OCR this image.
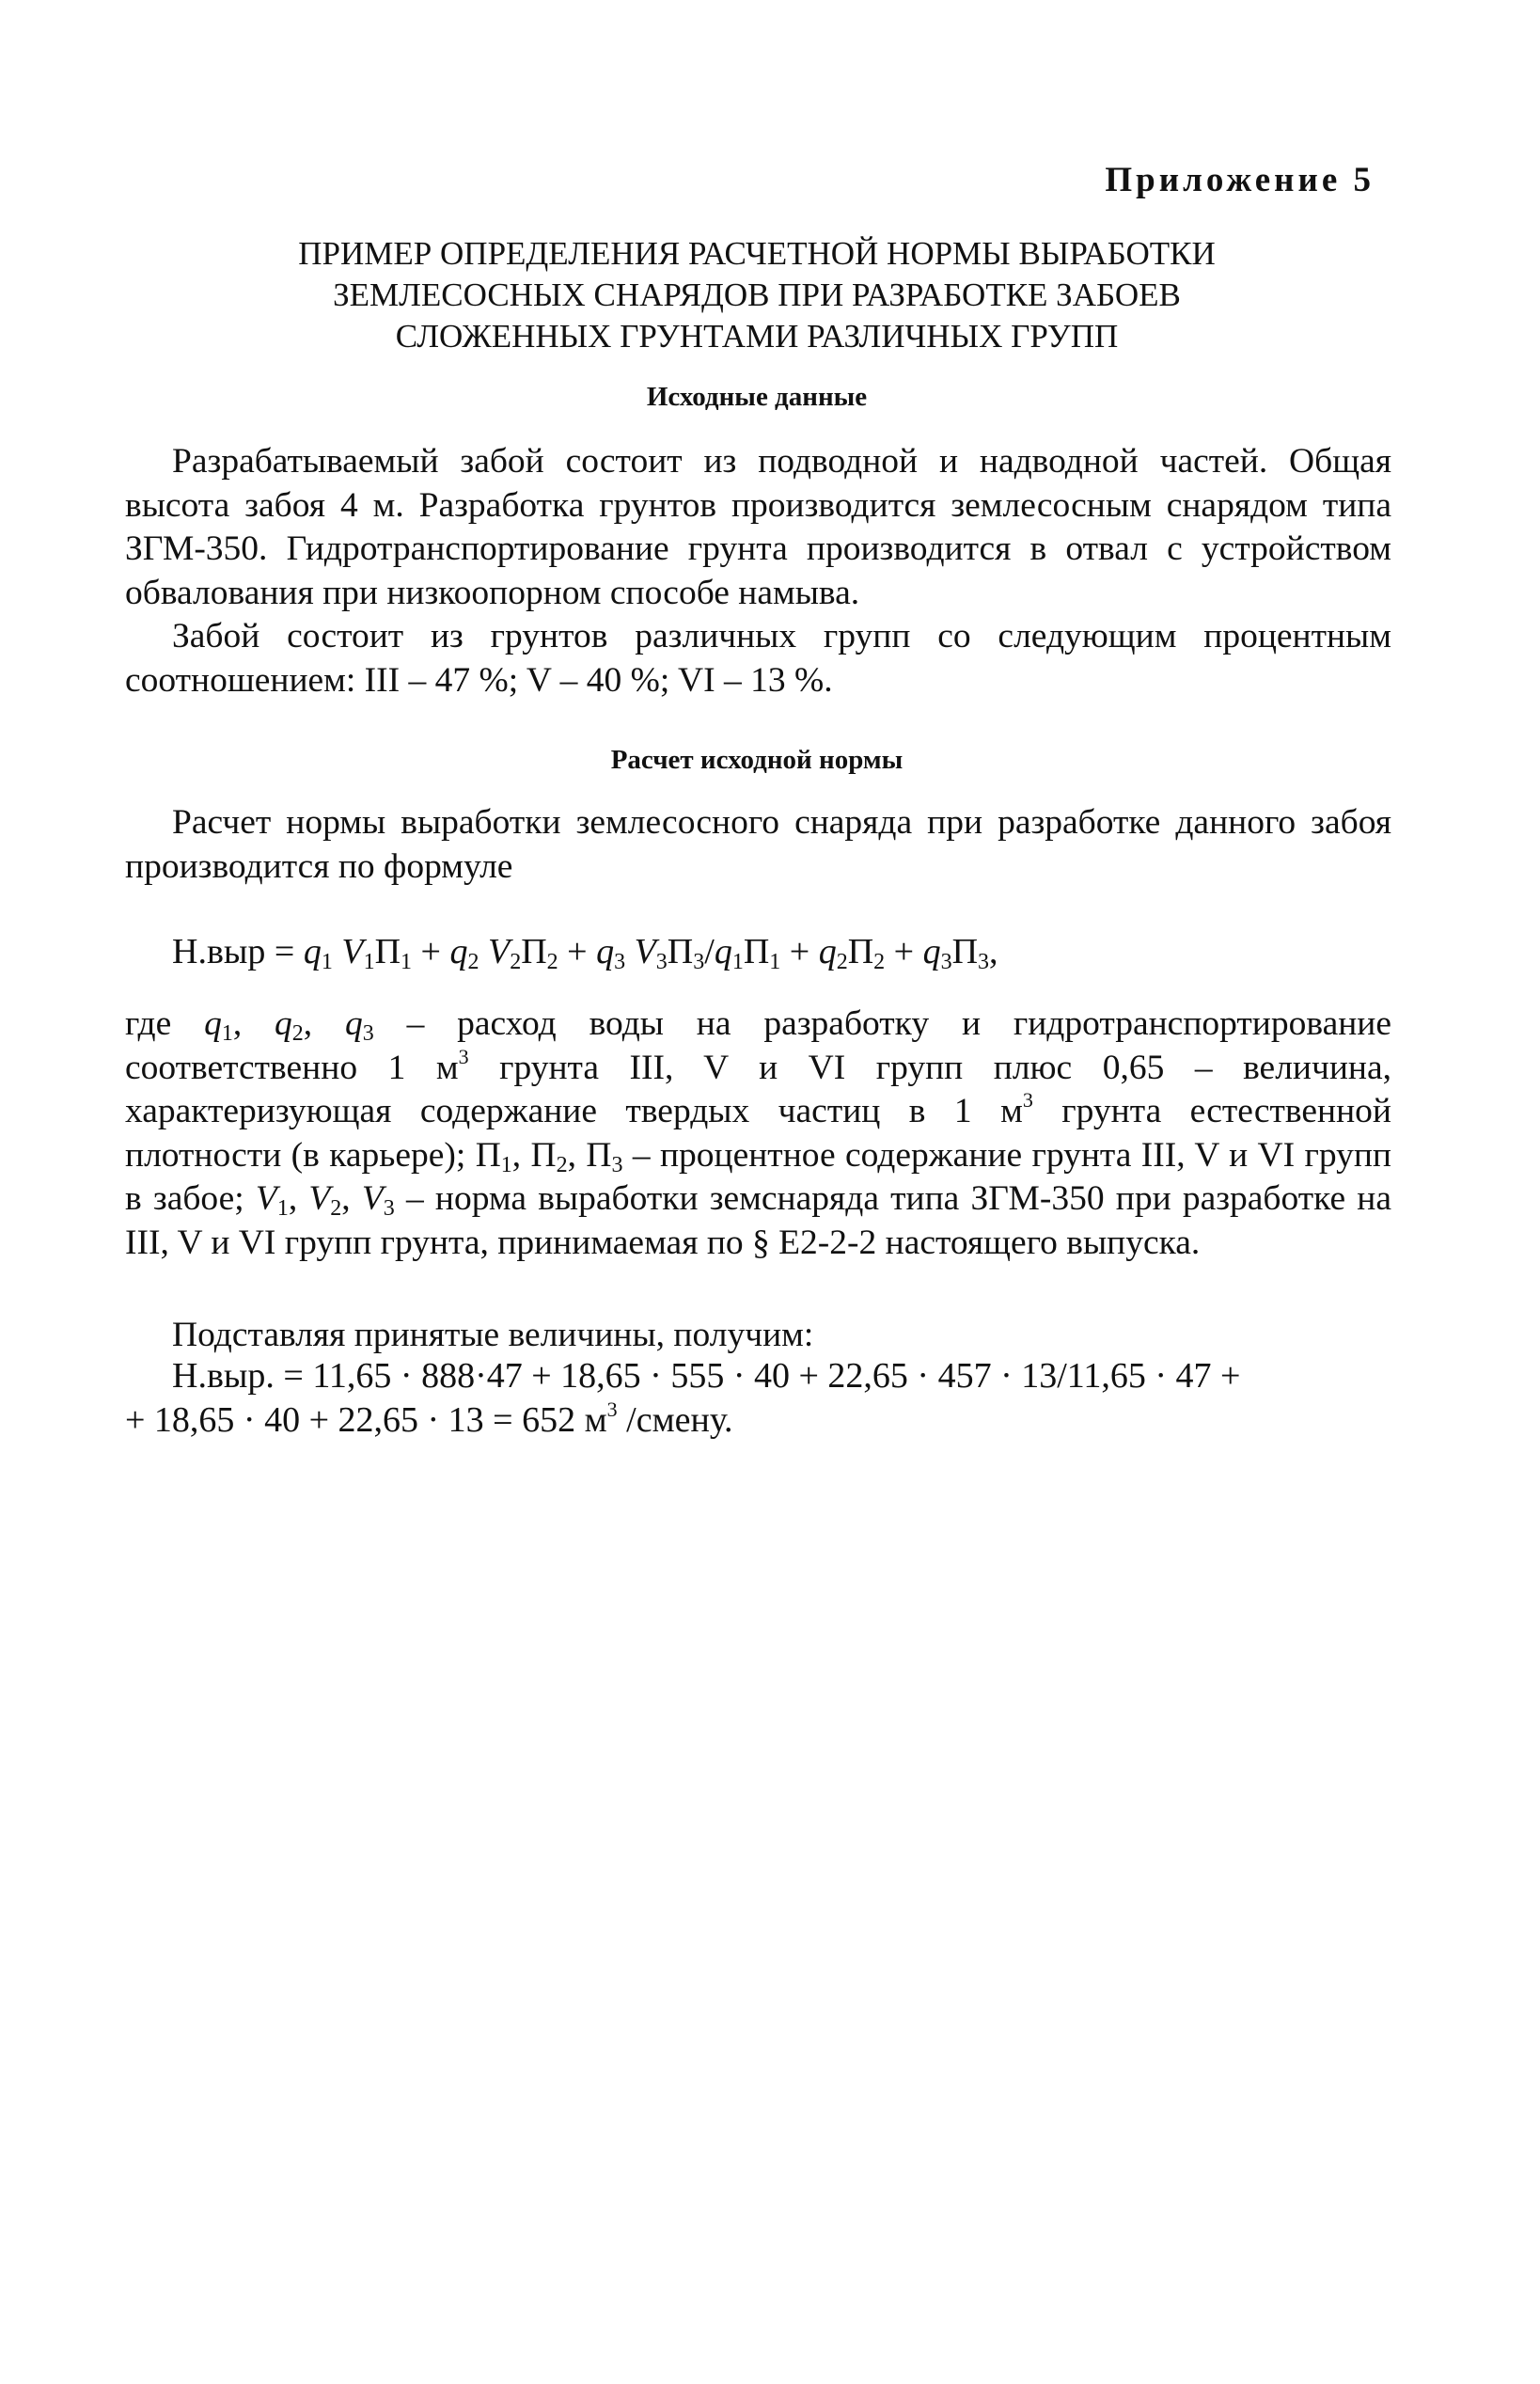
Приложение 5
ПРИМЕР ОПРЕДЕЛЕНИЯ РАСЧЕТНОЙ НОРМЫ ВЫРАБОТКИ
ЗЕМЛЕСОСНЫХ СНАРЯДОВ ПРИ РАЗРАБОТКЕ ЗАБОЕВ
СЛОЖЕННЫХ ГРУНТАМИ РАЗЛИЧНЫХ ГРУПП
Исходные данные

Разрабатываемый забой состоит из подводной и надводной частей. Общая высота забоя 4 м. Разработка грунтов производится землесосным снарядом типа ЗГМ-350. Гидротранспортирование грунта производится в отвал с устройством обвалования при низкоопорном способе намыва.

Забой состоит из грунтов различных групп со следующим процентным соотношением: III – 47 %; V – 40 %; VI – 13 %.

Расчет исходной нормы

Расчет нормы выработки землесосного снаряда при разработке данного забоя производится по формуле

$Н.выр = q_1$ $V_1П_1 + q_2$ $V_2П_2 + q_3$ $V_3П_3/q_1П_1 + q_2П_2 + q_3П_3$,

где $q_1$, $q_2$, $q_3$ – расход воды на разработку и гидротранспортирование соответственно 1 $м^3$ грунта III, V и VI групп плюс 0,65 – величина, характеризующая содержание твердых частиц в 1 $м^3$ грунта естественной плотности (в карьере); $П_1$, $П_2$, $П_3$ – процентное содержание грунта III, V и VI групп в забое; $V_1$, $V_2$, $V_3$ – норма выработки земснаряда типа ЗГМ-350 при разработке на III, V и VI групп грунта, принимаемая по § Е2-2-2 настоящего выпуска.

Подставляя принятые величины, получим:

Н.выр. = 11,65 · 888·47 + 18,65 · 555 · 40 + 22,65 · 457 · 13/11,65 · 47 +
+ 18,65 · 40 + 22,65 · 13 = 652 $м^3$ /смену.
